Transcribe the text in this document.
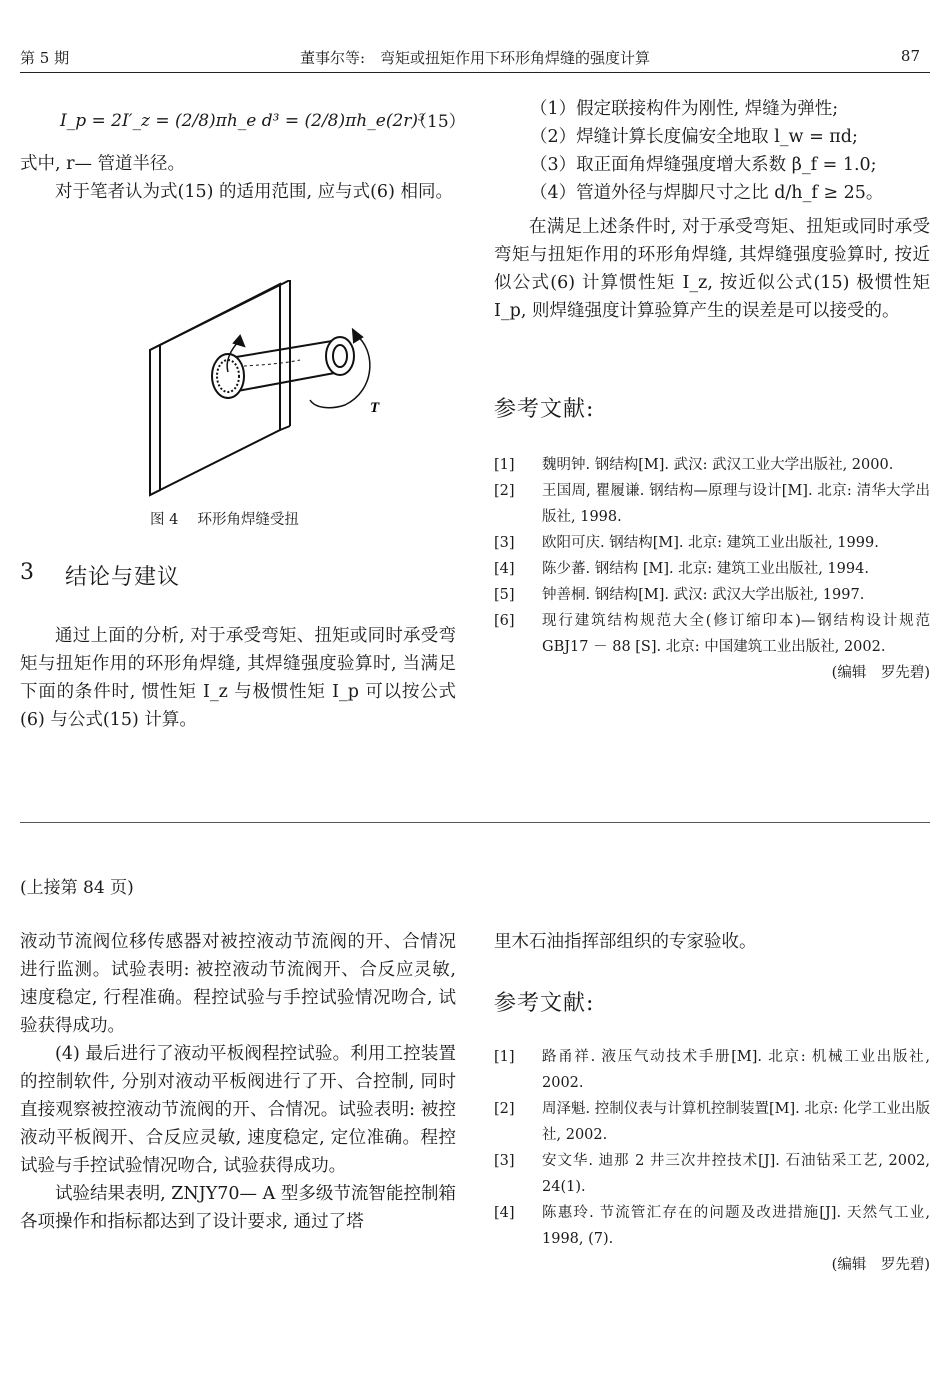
第 5 期	董事尔等:　弯矩或扭矩作用下环形角焊缝的强度计算	87
I_p = 2I′_z = (2/8)πh_e d³ = (2/8)πh_e(2r)³
（15）

式中, r— 管道半径。

对于笔者认为式(15) 的适用范围, 应与式(6) 相同。

T
图 4　 环形角焊缝受扭
3 结论与建议

通过上面的分析, 对于承受弯矩、扭矩或同时承受弯矩与扭矩作用的环形角焊缝, 其焊缝强度验算时, 当满足下面的条件时, 惯性矩 I_z 与极惯性矩 I_p 可以按公式(6) 与公式(15) 计算。

（1）假定联接构件为刚性, 焊缝为弹性;
（2）焊缝计算长度偏安全地取 l_w = πd;
（3）取正面角焊缝强度增大系数 β_f = 1.0;
（4）管道外径与焊脚尺寸之比 d/h_f ≥ 25。

在满足上述条件时, 对于承受弯矩、扭矩或同时承受弯矩与扭矩作用的环形角焊缝, 其焊缝强度验算时, 按近似公式(6) 计算惯性矩 I_z, 按近似公式(15) 极惯性矩 I_p, 则焊缝强度计算验算产生的误差是可以接受的。

参考文献:
[1]	魏明钟. 钢结构[M]. 武汉: 武汉工业大学出版社, 2000.
[2]	王国周, 瞿履谦. 钢结构—原理与设计[M]. 北京: 清华大学出版社, 1998.
[3]	欧阳可庆. 钢结构[M]. 北京: 建筑工业出版社, 1999.
[4]	陈少蕃. 钢结构 [M]. 北京: 建筑工业出版社, 1994.
[5]	钟善桐. 钢结构[M]. 武汉: 武汉大学出版社, 1997.
[6]	现行建筑结构规范大全(修订缩印本)—钢结构设计规范 GBJ17 － 88 [S]. 北京: 中国建筑工业出版社, 2002.
(编辑　罗先碧)
(上接第 84 页)

液动节流阀位移传感器对被控液动节流阀的开、合情况进行监测。试验表明: 被控液动节流阀开、合反应灵敏, 速度稳定, 行程准确。程控试验与手控试验情况吻合, 试验获得成功。

(4) 最后进行了液动平板阀程控试验。利用工控装置的控制软件, 分别对液动平板阀进行了开、合控制, 同时直接观察被控液动节流阀的开、合情况。试验表明: 被控液动平板阀开、合反应灵敏, 速度稳定, 定位准确。程控试验与手控试验情况吻合, 试验获得成功。

试验结果表明, ZNJY70— A 型多级节流智能控制箱各项操作和指标都达到了设计要求, 通过了塔

里木石油指挥部组织的专家验收。

参考文献:
[1]	路甬祥. 液压气动技术手册[M]. 北京: 机械工业出版社, 2002.
[2]	周泽魁. 控制仪表与计算机控制装置[M]. 北京: 化学工业出版社, 2002.
[3]	安文华. 迪那 2 井三次井控技术[J]. 石油钻采工艺, 2002, 24(1).
[4]	陈惠玲. 节流管汇存在的问题及改进措施[J]. 天然气工业, 1998, (7).
(编辑　罗先碧)
